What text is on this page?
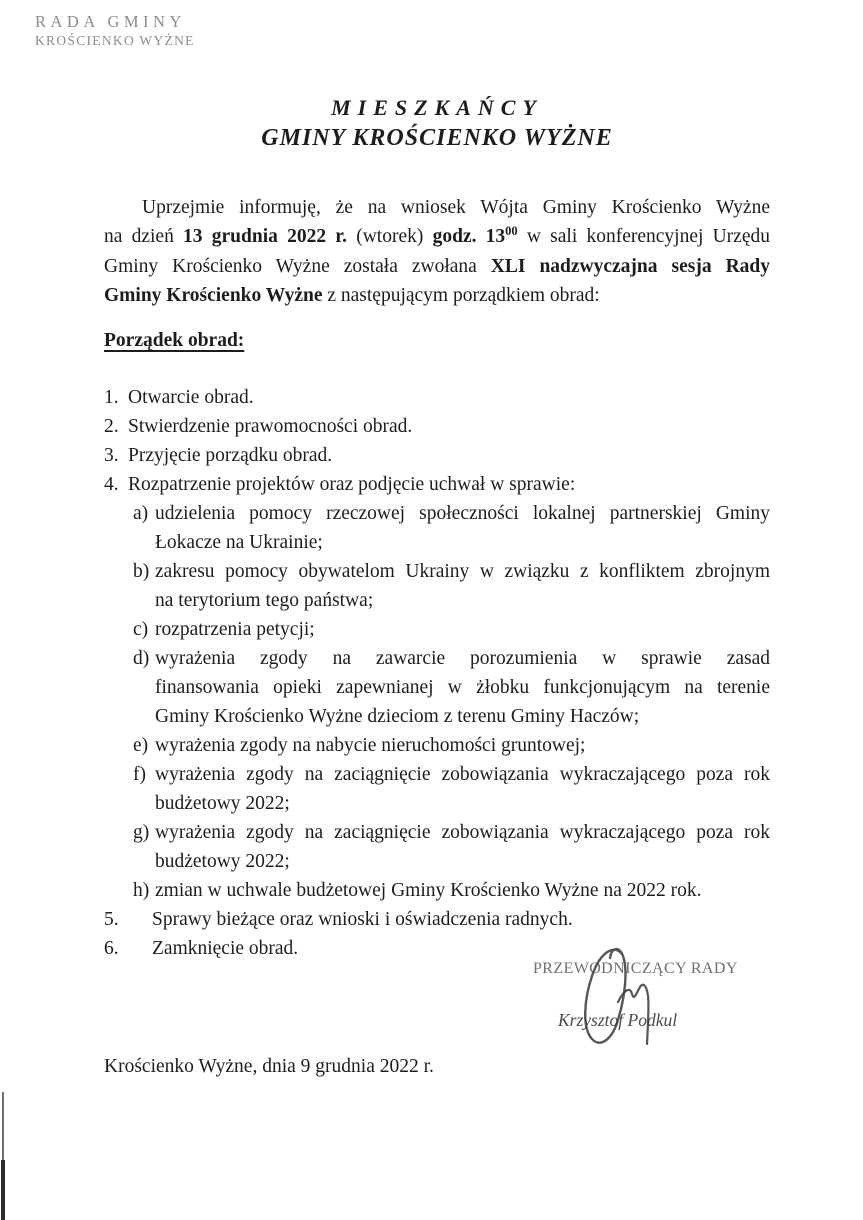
RADA GMINY
KROŚCIENKO WYŻNE
MIESZKAŃCY
GMINY KROŚCIENKO WYŻNE
Uprzejmie informuję, że na wniosek Wójta Gminy Krościenko Wyżne
na dzień 13 grudnia 2022 r. (wtorek) godz. $13^{00}$ w sali konferencyjnej Urzędu
Gminy Krościenko Wyżne została zwołana XLI nadzwyczajna sesja Rady
Gminy Krościenko Wyżne z następującym porządkiem obrad:
Porządek obrad:
1. Otwarcie obrad.
2. Stwierdzenie prawomocności obrad.
3. Przyjęcie porządku obrad.
4. Rozpatrzenie projektów oraz podjęcie uchwał w sprawie:
a) udzielenia pomocy rzeczowej społeczności lokalnej partnerskiej Gminy
Łokacze na Ukrainie;
b) zakresu pomocy obywatelom Ukrainy w związku z konfliktem zbrojnym
na terytorium tego państwa;
c) rozpatrzenia petycji;
d) wyrażenia zgody na zawarcie porozumienia w sprawie zasad
finansowania opieki zapewnianej w żłobku funkcjonującym na terenie
Gminy Krościenko Wyżne dzieciom z terenu Gminy Haczów;
e) wyrażenia zgody na nabycie nieruchomości gruntowej;
f) wyrażenia zgody na zaciągnięcie zobowiązania wykraczającego poza rok
budżetowy 2022;
g) wyrażenia zgody na zaciągnięcie zobowiązania wykraczającego poza rok
budżetowy 2022;
h) zmian w uchwale budżetowej Gminy Krościenko Wyżne na 2022 rok.
5. Sprawy bieżące oraz wnioski i oświadczenia radnych.
6. Zamknięcie obrad.
PRZEWODNICZĄCY RADY
Krzysztof Podkul
Krościenko Wyżne, dnia 9 grudnia 2022 r.
